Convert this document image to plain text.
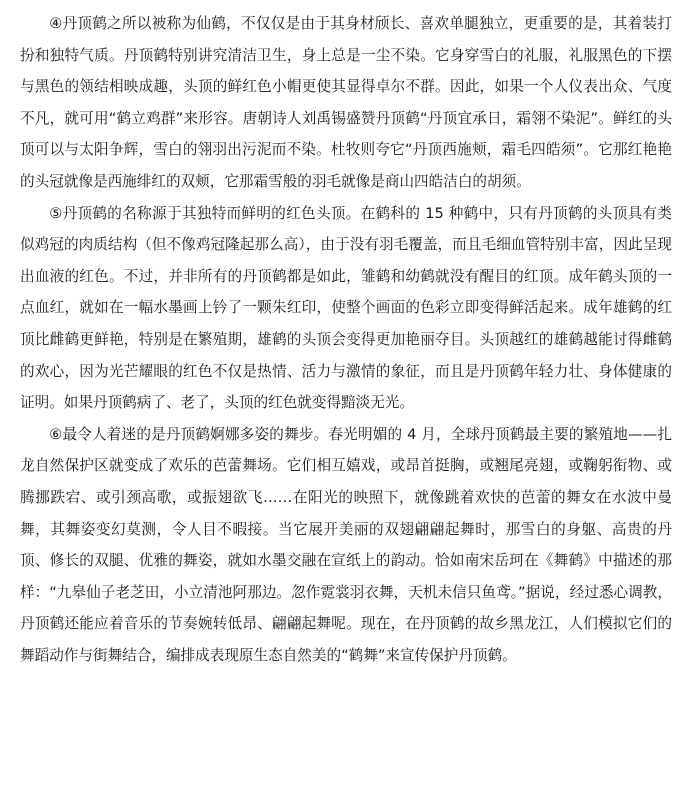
④丹顶鹤之所以被称为仙鹤，不仅仅是由于其身材颀长、喜欢单腿独立，更重要的是，其着装打扮和独特气质。丹顶鹤特别讲究清洁卫生，身上总是一尘不染。它身穿雪白的礼服，礼服黑色的下摆与黑色的领结相映成趣，头顶的鲜红色小帽更使其显得卓尔不群。因此，如果一个人仪表出众、气度不凡，就可用“鹤立鸡群”来形容。唐朝诗人刘禹锡盛赞丹顶鹤“丹顶宜承日，霜翎不染泥”。鲜红的头顶可以与太阳争辉，雪白的翎羽出污泥而不染。杜牧则夸它“丹顶西施颊，霜毛四皓须”。它那红艳艳的头冠就像是西施绯红的双颊，它那霜雪般的羽毛就像是商山四皓洁白的胡须。

⑤丹顶鹤的名称源于其独特而鲜明的红色头顶。在鹤科的 15 种鹤中，只有丹顶鹤的头顶具有类似鸡冠的肉质结构（但不像鸡冠隆起那么高），由于没有羽毛覆盖，而且毛细血管特别丰富，因此呈现出血液的红色。不过，并非所有的丹顶鹤都是如此，雏鹤和幼鹤就没有醒目的红顶。成年鹤头顶的一点血红，就如在一幅水墨画上钤了一颗朱红印，使整个画面的色彩立即变得鲜活起来。成年雄鹤的红顶比雌鹤更鲜艳，特别是在繁殖期，雄鹤的头顶会变得更加艳丽夺目。头顶越红的雄鹤越能讨得雌鹤的欢心，因为光芒耀眼的红色不仅是热情、活力与激情的象征，而且是丹顶鹤年轻力壮、身体健康的证明。如果丹顶鹤病了、老了，头顶的红色就变得黯淡无光。

⑥最令人着迷的是丹顶鹤婀娜多姿的舞步。春光明媚的 4 月，全球丹顶鹤最主要的繁殖地——扎龙自然保护区就变成了欢乐的芭蕾舞场。它们相互嬉戏，或昂首挺胸，或翘尾亮翅，或鞠躬衔物、或腾挪跌宕、或引颈高歌，或振翅欲飞……在阳光的映照下，就像跳着欢快的芭蕾的舞女在水波中曼舞，其舞姿变幻莫测，令人目不暇接。当它展开美丽的双翅翩翩起舞时，那雪白的身躯、高贵的丹顶、修长的双腿、优雅的舞姿，就如水墨交融在宣纸上的韵动。恰如南宋岳珂在《舞鹤》中描述的那样：“九皋仙子老芝田，小立清池阿那边。忽作霓裳羽衣舞，天机未信只鱼鸢。”据说，经过悉心调教，丹顶鹤还能应着音乐的节奏婉转低昂、翩翩起舞呢。现在，在丹顶鹤的故乡黑龙江，人们模拟它们的舞蹈动作与街舞结合，编排成表现原生态自然美的“鹤舞”来宣传保护丹顶鹤。
